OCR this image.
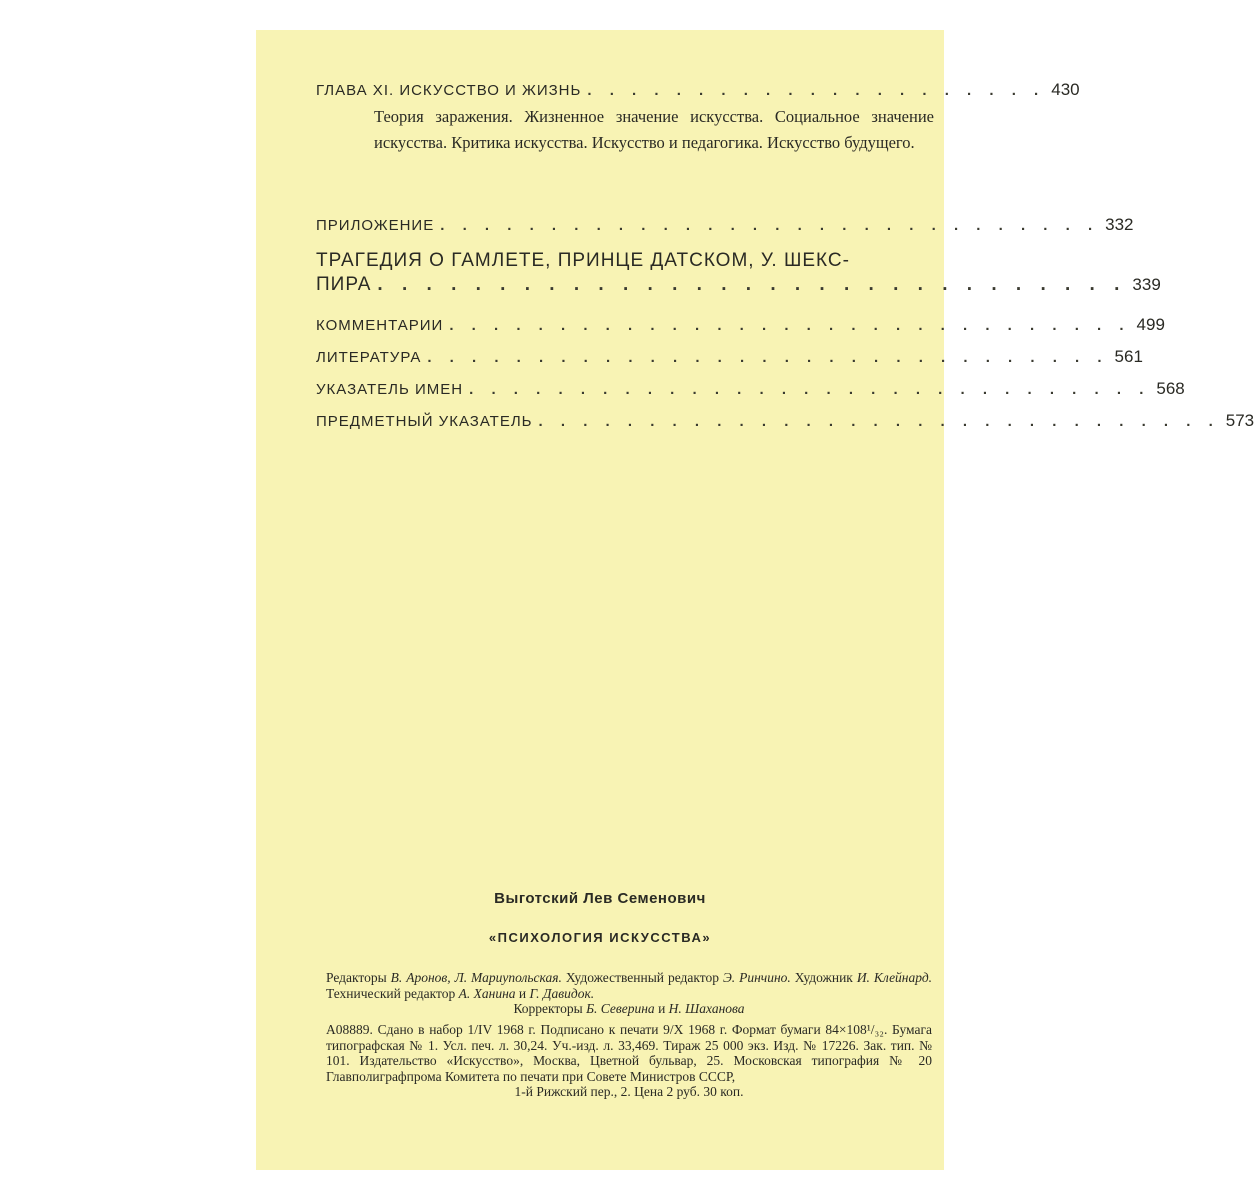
ГЛАВА XI. ИСКУССТВО И ЖИЗНЬ . . . . . . . . . . . . . . . . . . . . . 430
Теория заражения. Жизненное значение искусства. Социальное значение искусства. Критика искусства. Искусство и педагогика. Искусство будущего.
ПРИЛОЖЕНИЕ . . . . . . . . . . . . . . . . . . . . . . . . . . . . . . 332
ТРАГЕДИЯ О ГАМЛЕТЕ, ПРИНЦЕ ДАТСКОМ, У. ШЕКС-
ПИРА . . . . . . . . . . . . . . . . . . . . . . . . . . . . . . . 339
КОММЕНТАРИИ . . . . . . . . . . . . . . . . . . . . . . . . . . . . . . . 499
ЛИТЕРАТУРА . . . . . . . . . . . . . . . . . . . . . . . . . . . . . . . 561
УКАЗАТЕЛЬ ИМЕН . . . . . . . . . . . . . . . . . . . . . . . . . . . . . . . 568
ПРЕДМЕТНЫЙ УКАЗАТЕЛЬ . . . . . . . . . . . . . . . . . . . . . . . . . . . . . . . 573
Выготский Лев Семенович
«ПСИХОЛОГИЯ ИСКУССТВА»
Редакторы В. Аронов, Л. Мариупольская. Художественный редактор Э. Ринчино. Художник И. Клейнард. Технический редактор А. Ханина и Г. Давидок.
Корректоры Б. Северина и Н. Шаханова
А08889. Сдано в набор 1/IV 1968 г. Подписано к печати 9/X 1968 г. Формат бумаги 84×108¹/₃₂. Бумага типографская № 1. Усл. печ. л. 30,24. Уч.-изд. л. 33,469. Тираж 25 000 экз. Изд. № 17226. Зак. тип. № 101. Издательство «Искусство», Москва, Цветной бульвар, 25. Московская типография № 20 Главполиграфпрома Комитета по печати при Совете Министров СССР,
1-й Рижский пер., 2. Цена 2 руб. 30 коп.
